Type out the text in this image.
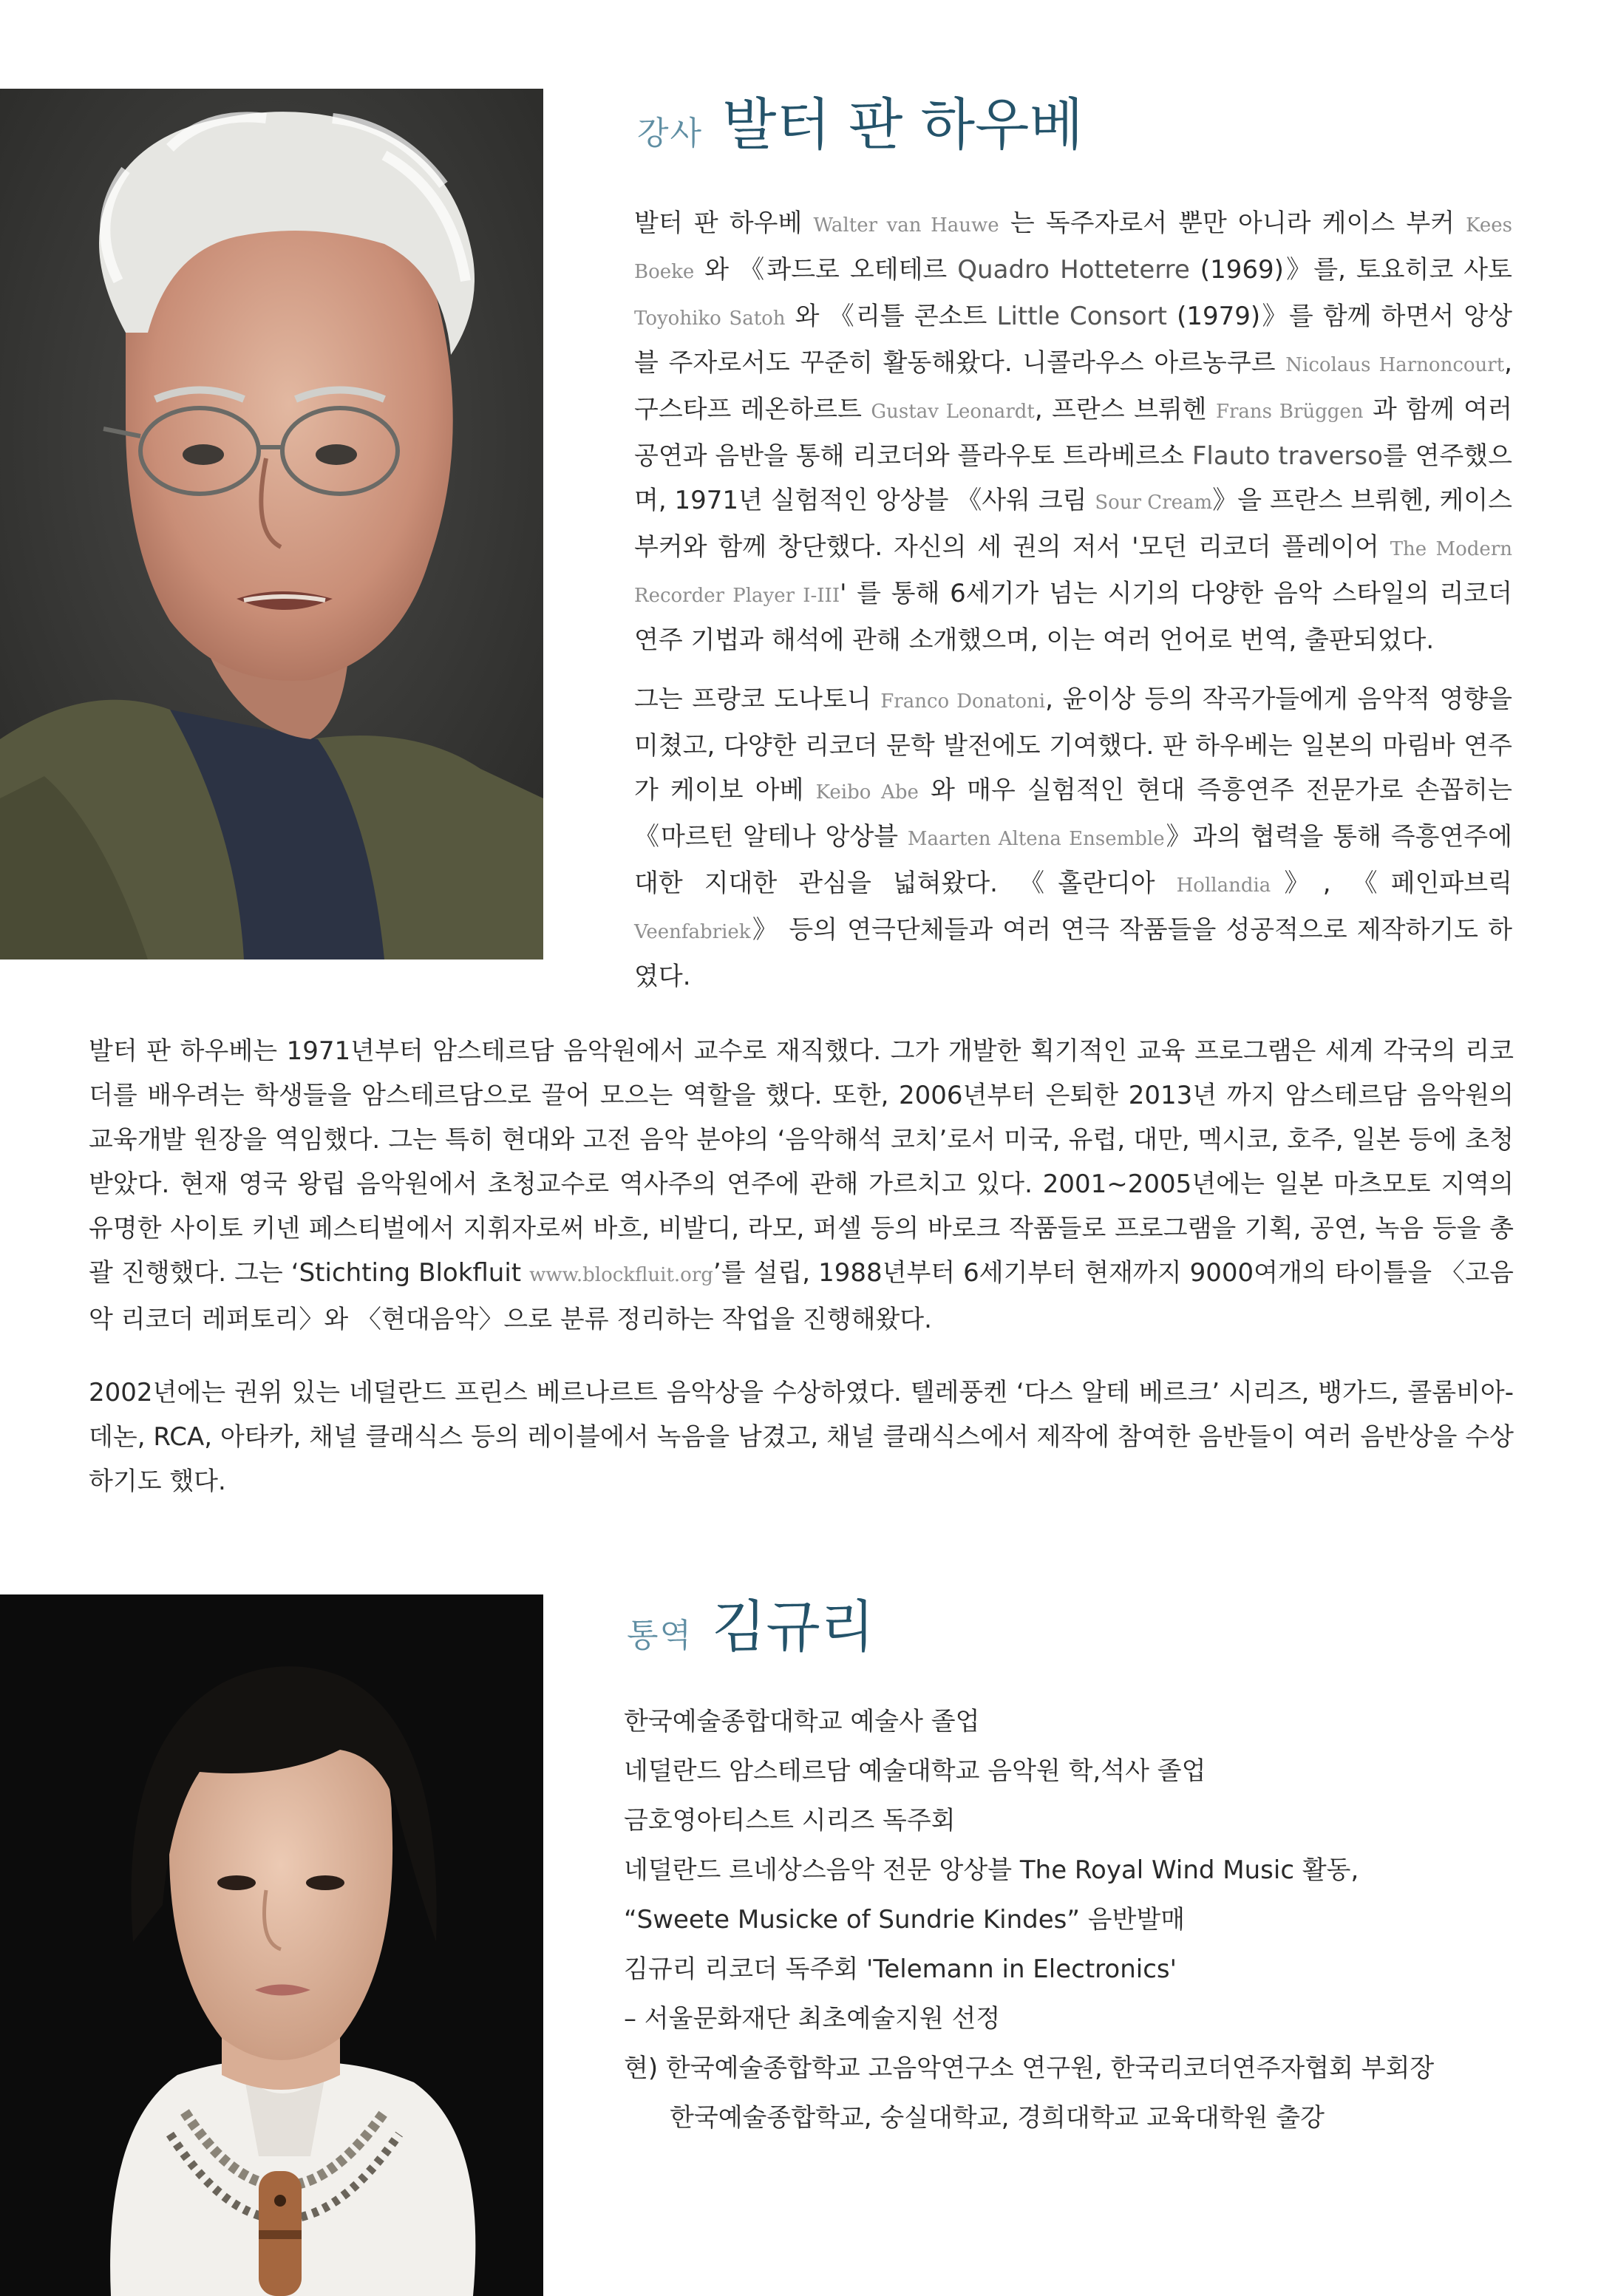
강사 발터 판 하우베
발터 판 하우베 Walter van Hauwe 는 독주자로서 뿐만 아니라 케이스 부커 Kees Boeke 와 《콰드로 오테테르 Quadro Hotteterre (1969)》를, 토요히코 사토 Toyohiko Satoh 와 《리틀 콘소트 Little Consort (1979)》를 함께 하면서 앙상블 주자로서도 꾸준히 활동해왔다. 니콜라우스 아르농쿠르 Nicolaus Harnoncourt, 구스타프 레온하르트 Gustav Leonardt, 프란스 브뤼헨 Frans Brüggen 과 함께 여러 공연과 음반을 통해 리코더와 플라우토 트라베르소 Flauto traverso를 연주했으며, 1971년 실험적인 앙상블 《사워 크림 Sour Cream》을 프란스 브뤼헨, 케이스 부커와 함께 창단했다. 자신의 세 권의 저서 '모던 리코더 플레이어 The Modern Recorder Player I-III' 를 통해 6세기가 넘는 시기의 다양한 음악 스타일의 리코더 연주 기법과 해석에 관해 소개했으며, 이는 여러 언어로 번역, 출판되었다.
그는 프랑코 도나토니 Franco Donatoni, 윤이상 등의 작곡가들에게 음악적 영향을 미쳤고, 다양한 리코더 문학 발전에도 기여했다. 판 하우베는 일본의 마림바 연주가 케이보 아베 Keibo Abe 와 매우 실험적인 현대 즉흥연주 전문가로 손꼽히는 《마르턴 알테나 앙상블 Maarten Altena Ensemble》과의 협력을 통해 즉흥연주에 대한 지대한 관심을 넓혀왔다. 《홀란디아 Hollandia》, 《페인파브릭 Veenfabriek》 등의 연극단체들과 여러 연극 작품들을 성공적으로 제작하기도 하였다.
발터 판 하우베는 1971년부터 암스테르담 음악원에서 교수로 재직했다. 그가 개발한 획기적인 교육 프로그램은 세계 각국의 리코더를 배우려는 학생들을 암스테르담으로 끌어 모으는 역할을 했다. 또한, 2006년부터 은퇴한 2013년 까지 암스테르담 음악원의 교육개발 원장을 역임했다. 그는 특히 현대와 고전 음악 분야의 ‘음악해석 코치’로서 미국, 유럽, 대만, 멕시코, 호주, 일본 등에 초청받았다. 현재 영국 왕립 음악원에서 초청교수로 역사주의 연주에 관해 가르치고 있다. 2001~2005년에는 일본 마츠모토 지역의 유명한 사이토 키넨 페스티벌에서 지휘자로써 바흐, 비발디, 라모, 퍼셀 등의 바로크 작품들로 프로그램을 기획, 공연, 녹음 등을 총괄 진행했다. 그는 ‘Stichting Blokfluit www.blockfluit.org’를 설립, 1988년부터 6세기부터 현재까지 9000여개의 타이틀을 〈고음악 리코더 레퍼토리〉와 〈현대음악〉으로 분류 정리하는 작업을 진행해왔다.
2002년에는 권위 있는 네덜란드 프린스 베르나르트 음악상을 수상하였다. 텔레풍켄 ‘다스 알테 베르크’ 시리즈, 뱅가드, 콜롬비아-데논, RCA, 아타카, 채널 클래식스 등의 레이블에서 녹음을 남겼고, 채널 클래식스에서 제작에 참여한 음반들이 여러 음반상을 수상하기도 했다.
통역 김규리
한국예술종합대학교 예술사 졸업
네덜란드 암스테르담 예술대학교 음악원 학,석사 졸업
금호영아티스트 시리즈 독주회
네덜란드 르네상스음악 전문 앙상블 The Royal Wind Music 활동,
“Sweete Musicke of Sundrie Kindes” 음반발매
김규리 리코더 독주회 'Telemann in Electronics'
– 서울문화재단 최초예술지원 선정
현) 한국예술종합학교 고음악연구소 연구원, 한국리코더연주자협회 부회장
한국예술종합학교, 숭실대학교, 경희대학교 교육대학원 출강
